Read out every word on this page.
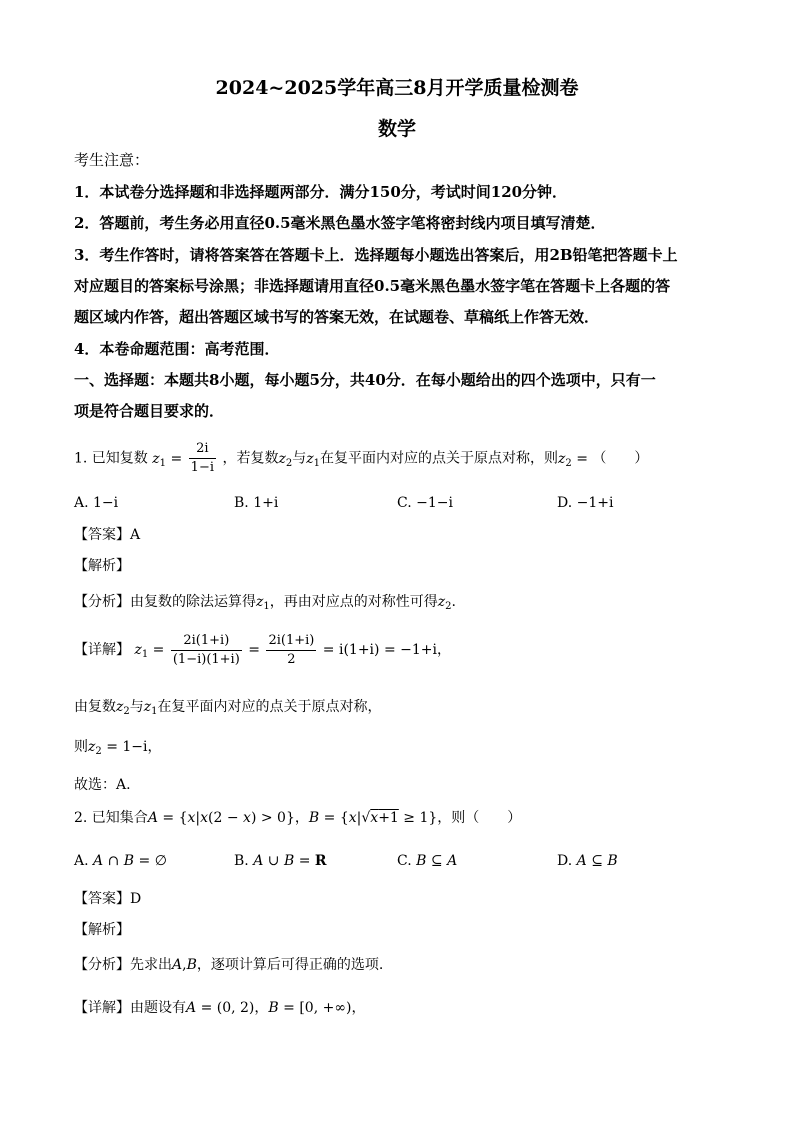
2024~2025学年高三8月开学质量检测卷
数学
考生注意：
1．本试卷分选择题和非选择题两部分．满分150分，考试时间120分钟．
2．答题前，考生务必用直径0.5毫米黑色墨水签字笔将密封线内项目填写清楚．
3．考生作答时，请将答案答在答题卡上．选择题每小题选出答案后，用2B铅笔把答题卡上
对应题目的答案标号涂黑；非选择题请用直径0.5毫米黑色墨水签字笔在答题卡上各题的答
题区域内作答，超出答题区域书写的答案无效，在试题卷、草稿纸上作答无效．
4．本卷命题范围：高考范围．
一、选择题：本题共8小题，每小题5分，共40分．在每小题给出的四个选项中，只有一
项是符合题目要求的．
1. 已知复数 $z_1 = \frac{2i}{1-i}$ ，若复数$z_2$与$z_1$在复平面内对应的点关于原点对称，则$z_2$ = （　　）
A. 1−i	B. 1+i	C. −1−i	D. −1+i
【答案】A
【解析】
【分析】由复数的除法运算得$z_1$，再由对应点的对称性可得$z_2$.
【详解】 $z_1 = \frac{2i(1+i)}{(1-i)(1+i)} = \frac{2i(1+i)}{2} = i(1+i) = -1+i$，
由复数$z_2$与$z_1$在复平面内对应的点关于原点对称，
则$z_2 = 1-i$，
故选：A.
2. 已知集合A = {x|x(2 − x) > 0}，B = {x|√x+1 ≥ 1}，则（　　）
A. A ∩ B = ∅	B. A ∪ B = R	C. B ⊆ A	D. A ⊆ B
【答案】D
【解析】
【分析】先求出A,B，逐项计算后可得正确的选项.
【详解】由题设有A = (0, 2)，B = [0, +∞)，
